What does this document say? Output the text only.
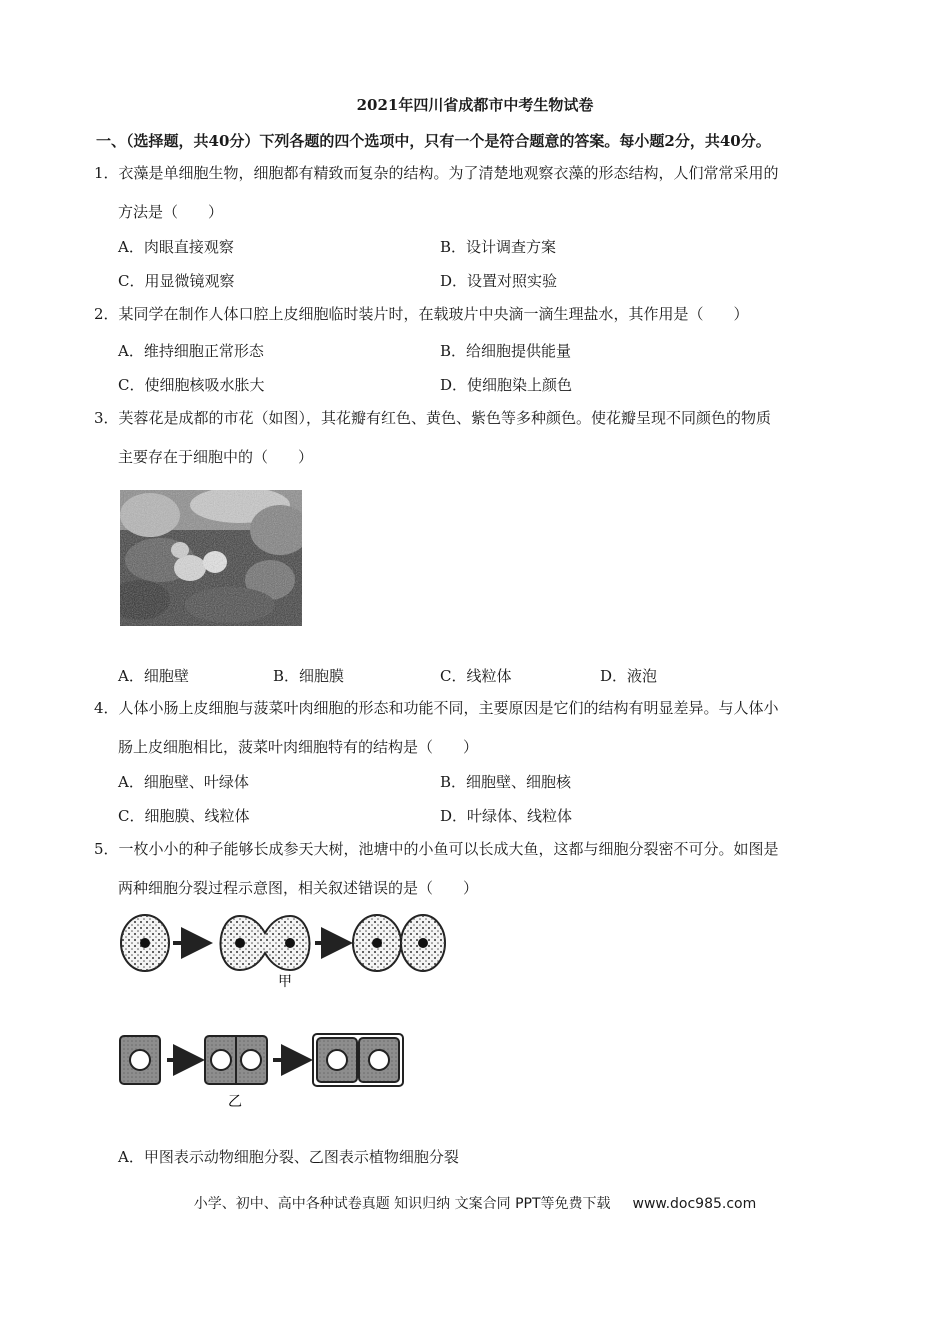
2021年四川省成都市中考生物试卷
一、（选择题，共40分）下列各题的四个选项中，只有一个是符合题意的答案。每小题2分，共40分。
1．衣藻是单细胞生物，细胞都有精致而复杂的结构。为了清楚地观察衣藻的形态结构，人们常常采用的
方法是（　　）
A．肉眼直接观察	B．设计调查方案
C．用显微镜观察	D．设置对照实验
2．某同学在制作人体口腔上皮细胞临时装片时，在载玻片中央滴一滴生理盐水，其作用是（　　）
A．维持细胞正常形态	B．给细胞提供能量
C．使细胞核吸水胀大	D．使细胞染上颜色
3．芙蓉花是成都的市花（如图），其花瓣有红色、黄色、紫色等多种颜色。使花瓣呈现不同颜色的物质
主要存在于细胞中的（　　）
A．细胞壁	B．细胞膜	C．线粒体	D．液泡
4．人体小肠上皮细胞与菠菜叶肉细胞的形态和功能不同，主要原因是它们的结构有明显差异。与人体小
肠上皮细胞相比，菠菜叶肉细胞特有的结构是（　　）
A．细胞壁、叶绿体	B．细胞壁、细胞核
C．细胞膜、线粒体	D．叶绿体、线粒体
5．一枚小小的种子能够长成参天大树，池塘中的小鱼可以长成大鱼，这都与细胞分裂密不可分。如图是
两种细胞分裂过程示意图，相关叙述错误的是（　　）
甲
乙
A．甲图表示动物细胞分裂、乙图表示植物细胞分裂
小学、初中、高中各种试卷真题 知识归纳 文案合同 PPT等免费下载 www.doc985.com
